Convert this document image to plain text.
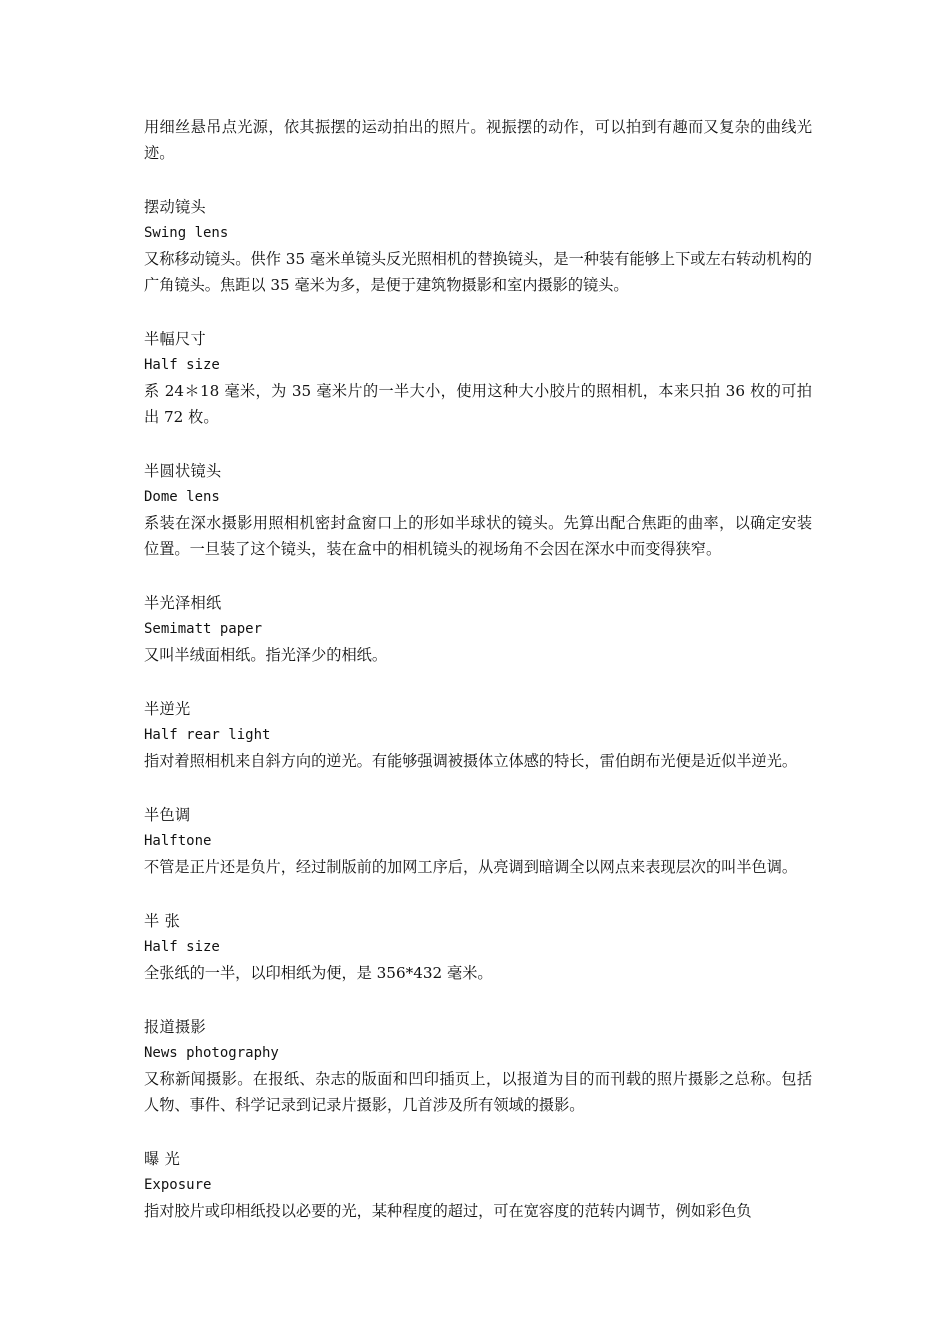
用细丝悬吊点光源，依其振摆的运动拍出的照片。视振摆的动作，可以拍到有趣而又复杂的曲线光迹。

摆动镜头
Swing lens
又称移动镜头。供作 35 毫米单镜头反光照相机的替换镜头，是一种装有能够上下或左右转动机构的广角镜头。焦距以 35 毫米为多，是便于建筑物摄影和室内摄影的镜头。
半幅尺寸
Half size
系 24＊18 毫米，为 35 毫米片的一半大小，使用这种大小胶片的照相机，本来只拍 36 枚的可拍出 72 枚。
半圆状镜头
Dome lens
系装在深水摄影用照相机密封盒窗口上的形如半球状的镜头。先算出配合焦距的曲率，以确定安装位置。一旦装了这个镜头，装在盒中的相机镜头的视场角不会因在深水中而变得狭窄。
半光泽相纸
Semimatt paper
又叫半绒面相纸。指光泽少的相纸。
半逆光
Half rear light
指对着照相机来自斜方向的逆光。有能够强调被摄体立体感的特长，雷伯朗布光便是近似半逆光。
半色调
Halftone
不管是正片还是负片，经过制版前的加网工序后，从亮调到暗调全以网点来表现层次的叫半色调。
半 张
Half size
全张纸的一半，以印相纸为便，是 356*432 毫米。
报道摄影
News photography
又称新闻摄影。在报纸、杂志的版面和凹印插页上，以报道为目的而刊载的照片摄影之总称。包括人物、事件、科学记录到记录片摄影，几首涉及所有领域的摄影。
曝 光
Exposure
指对胶片或印相纸投以必要的光，某种程度的超过，可在宽容度的范转内调节，例如彩色负
